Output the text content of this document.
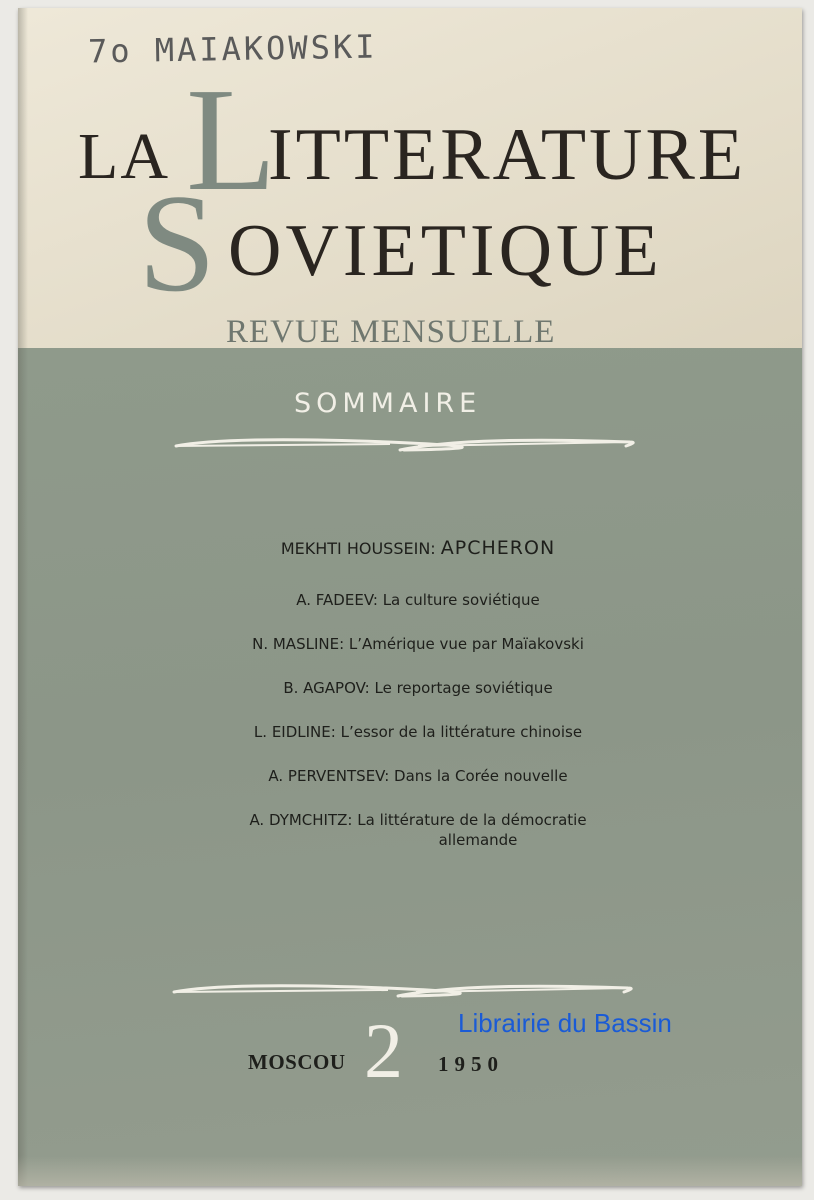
7o MAIAKOWSKI
LA L
ITTERATURE
S OVIETIQUE
REVUE MENSUELLE
SOMMAIRE
MEKHTI HOUSSEIN: APCHERON
A. FADEEV: La culture soviétique
N. MASLINE: L’Amérique vue par Maïakovski
B. AGAPOV: Le reportage soviétique
L. EIDLINE: L’essor de la littérature chinoise
A. PERVENTSEV: Dans la Corée nouvelle
A. DYMCHITZ: La littérature de la démocratie
allemande
MOSCOU 2 1950
Librairie du Bassin
